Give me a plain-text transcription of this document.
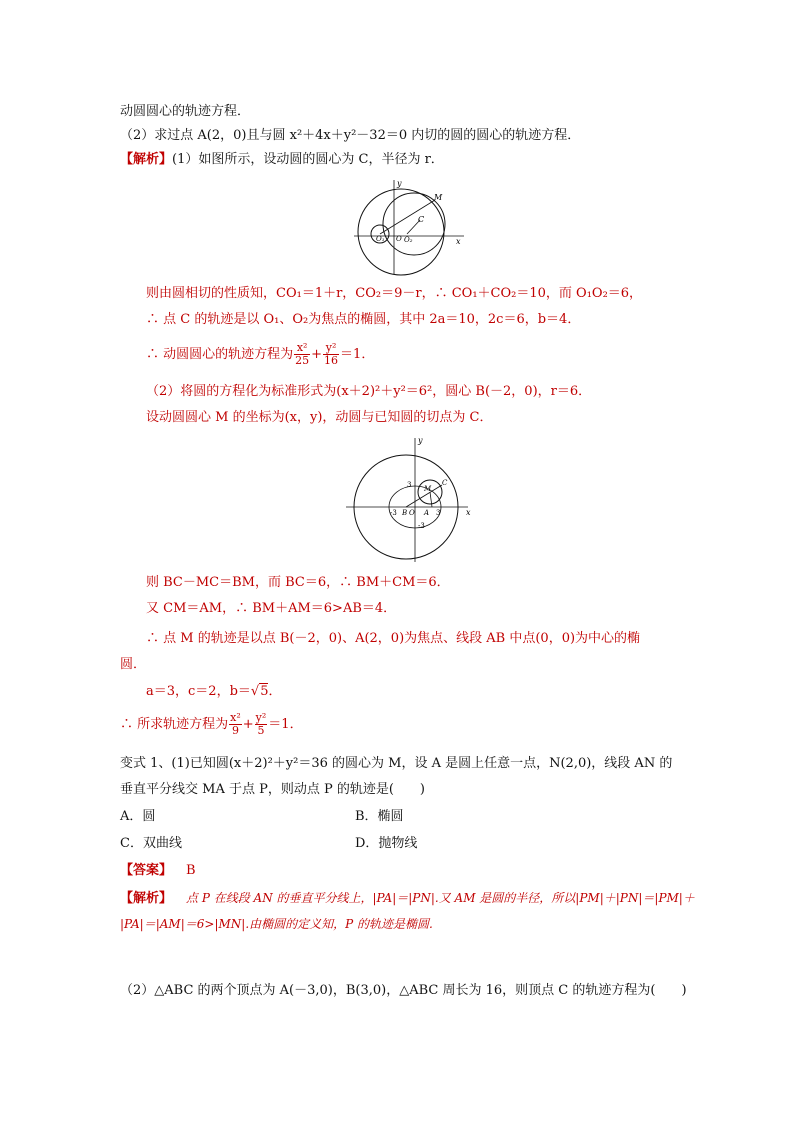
动圆圆心的轨迹方程．
（2）求过点 A(2，0)且与圆 x²＋4x＋y²－32＝0 内切的圆的圆心的轨迹方程．
【解析】(1）如图所示，设动圆的圆心为 C，半径为 r．
y
x
M
C
O₁ O O₂
则由圆相切的性质知，CO₁＝1＋r，CO₂＝9－r，∴ CO₁＋CO₂＝10，而 O₁O₂＝6，
∴ 点 C 的轨迹是以 O₁、O₂为焦点的椭圆，其中 2a＝10，2c＝6，b＝4．
∴ 动圆圆心的轨迹方程为 $\frac{\text{x²}}{25} + \frac{\text{y²}}{16} =1$．
（2）将圆的方程化为标准形式为(x＋2)²＋y²＝6²，圆心 B(－2，0)，r＝6．
设动圆圆心 M 的坐标为(x，y)，动圆与已知圆的切点为 C．
y
x
M
C
-3 B O A 3
3
-3
则 BC－MC＝BM，而 BC＝6，∴ BM＋CM＝6．
又 CM＝AM，∴ BM＋AM＝6>AB＝4．
∴ 点 M 的轨迹是以点 B(－2，0)、A(2，0)为焦点、线段 AB 中点(0，0)为中心的椭
圆．
a＝3，c＝2，b＝√5．
∴ 所求轨迹方程为 $\frac{\text{x²}}{9} + \frac{\text{y²}}{5} =1$．
变式 1、(1)已知圆(x＋2)²＋y²＝36 的圆心为 M，设 A 是圆上任意一点，N(2,0)，线段 AN 的
垂直平分线交 MA 于点 P，则动点 P 的轨迹是(　　)
A．圆	B．椭圆
C．双曲线	D．抛物线
【答案】 B
【解析】 点 P 在线段 AN 的垂直平分线上，|PA|＝|PN|.又 AM 是圆的半径，所以|PM|＋|PN|＝|PM|＋
|PA|＝|AM|＝6>|MN|.由椭圆的定义知，P 的轨迹是椭圆.
（2）△ABC 的两个顶点为 A(－3,0)，B(3,0)，△ABC 周长为 16，则顶点 C 的轨迹方程为(　　)
